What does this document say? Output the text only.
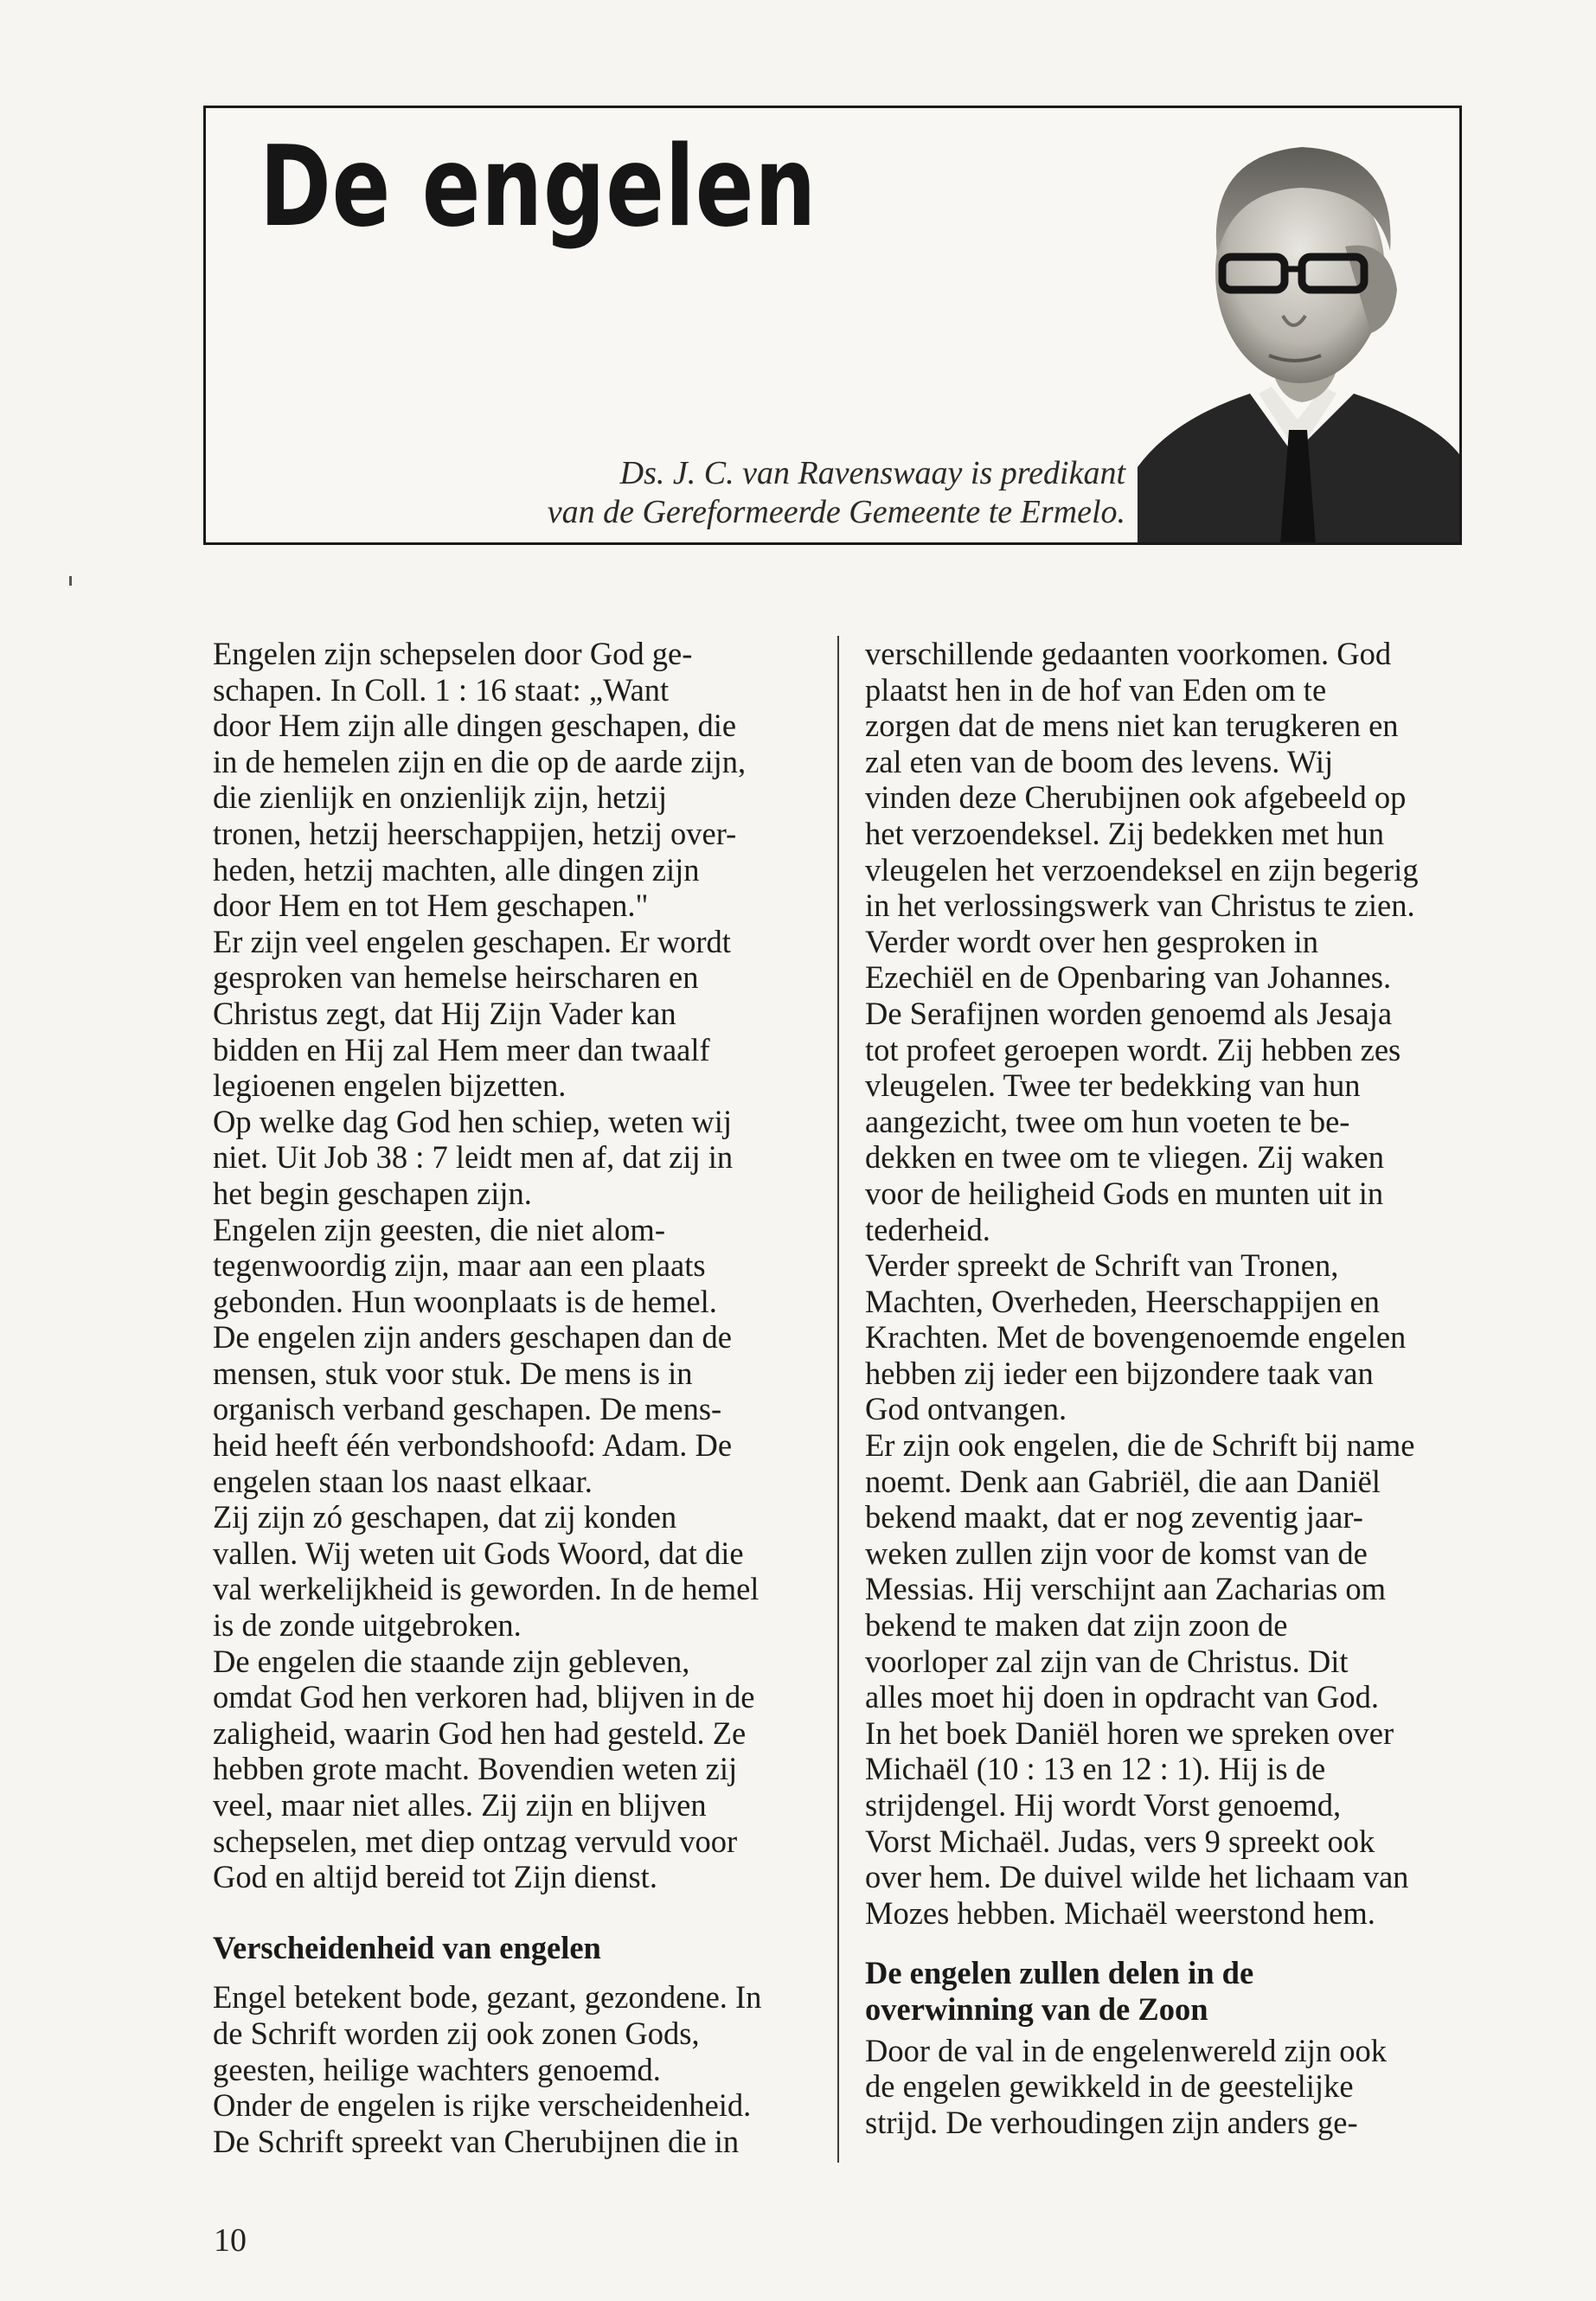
De engelen
Ds. J. C. van Ravenswaay is predikant
van de Gereformeerde Gemeente te Ermelo.

Engelen zijn schepselen door God ge-

schapen. In Coll. 1 : 16 staat: „Want

door Hem zijn alle dingen geschapen, die

in de hemelen zijn en die op de aarde zijn,

die zienlijk en onzienlijk zijn, hetzij

tronen, hetzij heerschappijen, hetzij over-

heden, hetzij machten, alle dingen zijn

door Hem en tot Hem geschapen."

Er zijn veel engelen geschapen. Er wordt

gesproken van hemelse heirscharen en

Christus zegt, dat Hij Zijn Vader kan

bidden en Hij zal Hem meer dan twaalf

legioenen engelen bijzetten.

Op welke dag God hen schiep, weten wij

niet. Uit Job 38 : 7 leidt men af, dat zij in

het begin geschapen zijn.

Engelen zijn geesten, die niet alom-

tegenwoordig zijn, maar aan een plaats

gebonden. Hun woonplaats is de hemel.

De engelen zijn anders geschapen dan de

mensen, stuk voor stuk. De mens is in

organisch verband geschapen. De mens-

heid heeft één verbondshoofd: Adam. De

engelen staan los naast elkaar.

Zij zijn zó geschapen, dat zij konden

vallen. Wij weten uit Gods Woord, dat die

val werkelijkheid is geworden. In de hemel

is de zonde uitgebroken.

De engelen die staande zijn gebleven,

omdat God hen verkoren had, blijven in de

zaligheid, waarin God hen had gesteld. Ze

hebben grote macht. Bovendien weten zij

veel, maar niet alles. Zij zijn en blijven

schepselen, met diep ontzag vervuld voor

God en altijd bereid tot Zijn dienst.

Verscheidenheid van engelen

Engel betekent bode, gezant, gezondene. In

de Schrift worden zij ook zonen Gods,

geesten, heilige wachters genoemd.

Onder de engelen is rijke verscheidenheid.

De Schrift spreekt van Cherubijnen die in

verschillende gedaanten voorkomen. God

plaatst hen in de hof van Eden om te

zorgen dat de mens niet kan terugkeren en

zal eten van de boom des levens. Wij

vinden deze Cherubijnen ook afgebeeld op

het verzoendeksel. Zij bedekken met hun

vleugelen het verzoendeksel en zijn begerig

in het verlossingswerk van Christus te zien.

Verder wordt over hen gesproken in

Ezechiël en de Openbaring van Johannes.

De Serafijnen worden genoemd als Jesaja

tot profeet geroepen wordt. Zij hebben zes

vleugelen. Twee ter bedekking van hun

aangezicht, twee om hun voeten te be-

dekken en twee om te vliegen. Zij waken

voor de heiligheid Gods en munten uit in

tederheid.

Verder spreekt de Schrift van Tronen,

Machten, Overheden, Heerschappijen en

Krachten. Met de bovengenoemde engelen

hebben zij ieder een bijzondere taak van

God ontvangen.

Er zijn ook engelen, die de Schrift bij name

noemt. Denk aan Gabriël, die aan Daniël

bekend maakt, dat er nog zeventig jaar-

weken zullen zijn voor de komst van de

Messias. Hij verschijnt aan Zacharias om

bekend te maken dat zijn zoon de

voorloper zal zijn van de Christus. Dit

alles moet hij doen in opdracht van God.

In het boek Daniël horen we spreken over

Michaël (10 : 13 en 12 : 1). Hij is de

strijdengel. Hij wordt Vorst genoemd,

Vorst Michaël. Judas, vers 9 spreekt ook

over hem. De duivel wilde het lichaam van

Mozes hebben. Michaël weerstond hem.

De engelen zullen delen in de
overwinning van de Zoon

Door de val in de engelenwereld zijn ook

de engelen gewikkeld in de geestelijke

strijd. De verhoudingen zijn anders ge-

10
